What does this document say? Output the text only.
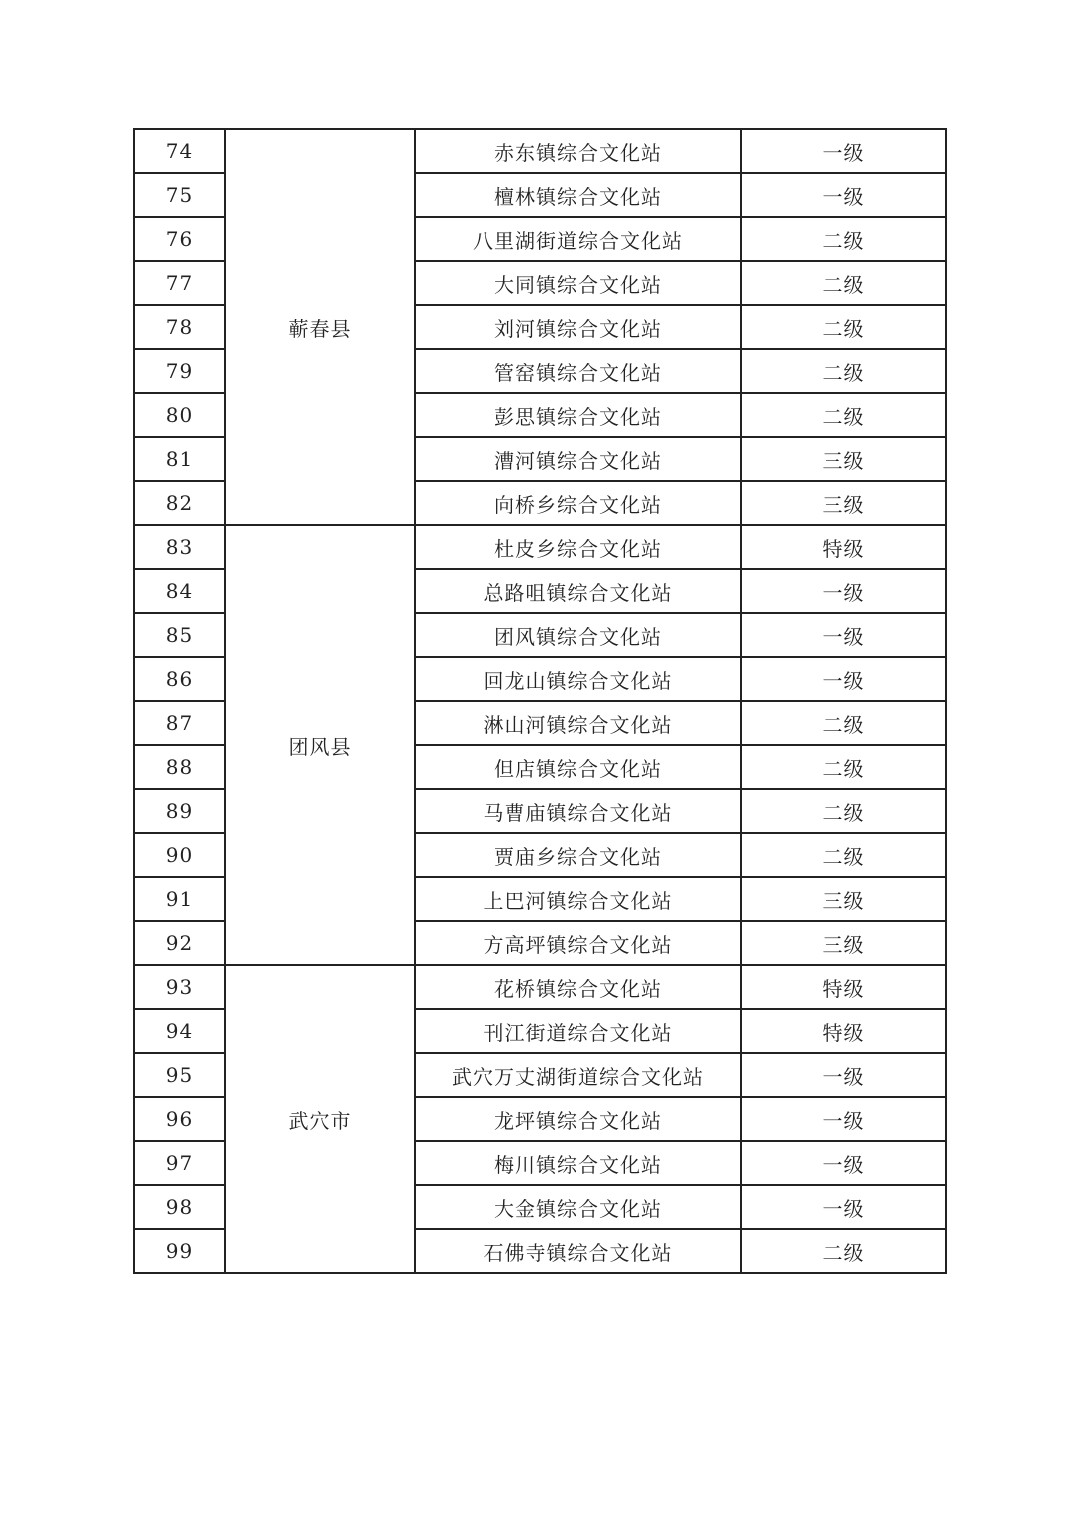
74	蕲春县	赤东镇综合文化站	一级
75		檀林镇综合文化站	一级
76		八里湖街道综合文化站	二级
77		大同镇综合文化站	二级
78		刘河镇综合文化站	二级
79		管窑镇综合文化站	二级
80		彭思镇综合文化站	二级
81		漕河镇综合文化站	三级
82		向桥乡综合文化站	三级
83	团风县	杜皮乡综合文化站	特级
84		总路咀镇综合文化站	一级
85		团风镇综合文化站	一级
86		回龙山镇综合文化站	一级
87		淋山河镇综合文化站	二级
88		但店镇综合文化站	二级
89		马曹庙镇综合文化站	二级
90		贾庙乡综合文化站	二级
91		上巴河镇综合文化站	三级
92		方高坪镇综合文化站	三级
93	武穴市	花桥镇综合文化站	特级
94		刊江街道综合文化站	特级
95		武穴万丈湖街道综合文化站	一级
96		龙坪镇综合文化站	一级
97		梅川镇综合文化站	一级
98		大金镇综合文化站	一级
99		石佛寺镇综合文化站	二级
